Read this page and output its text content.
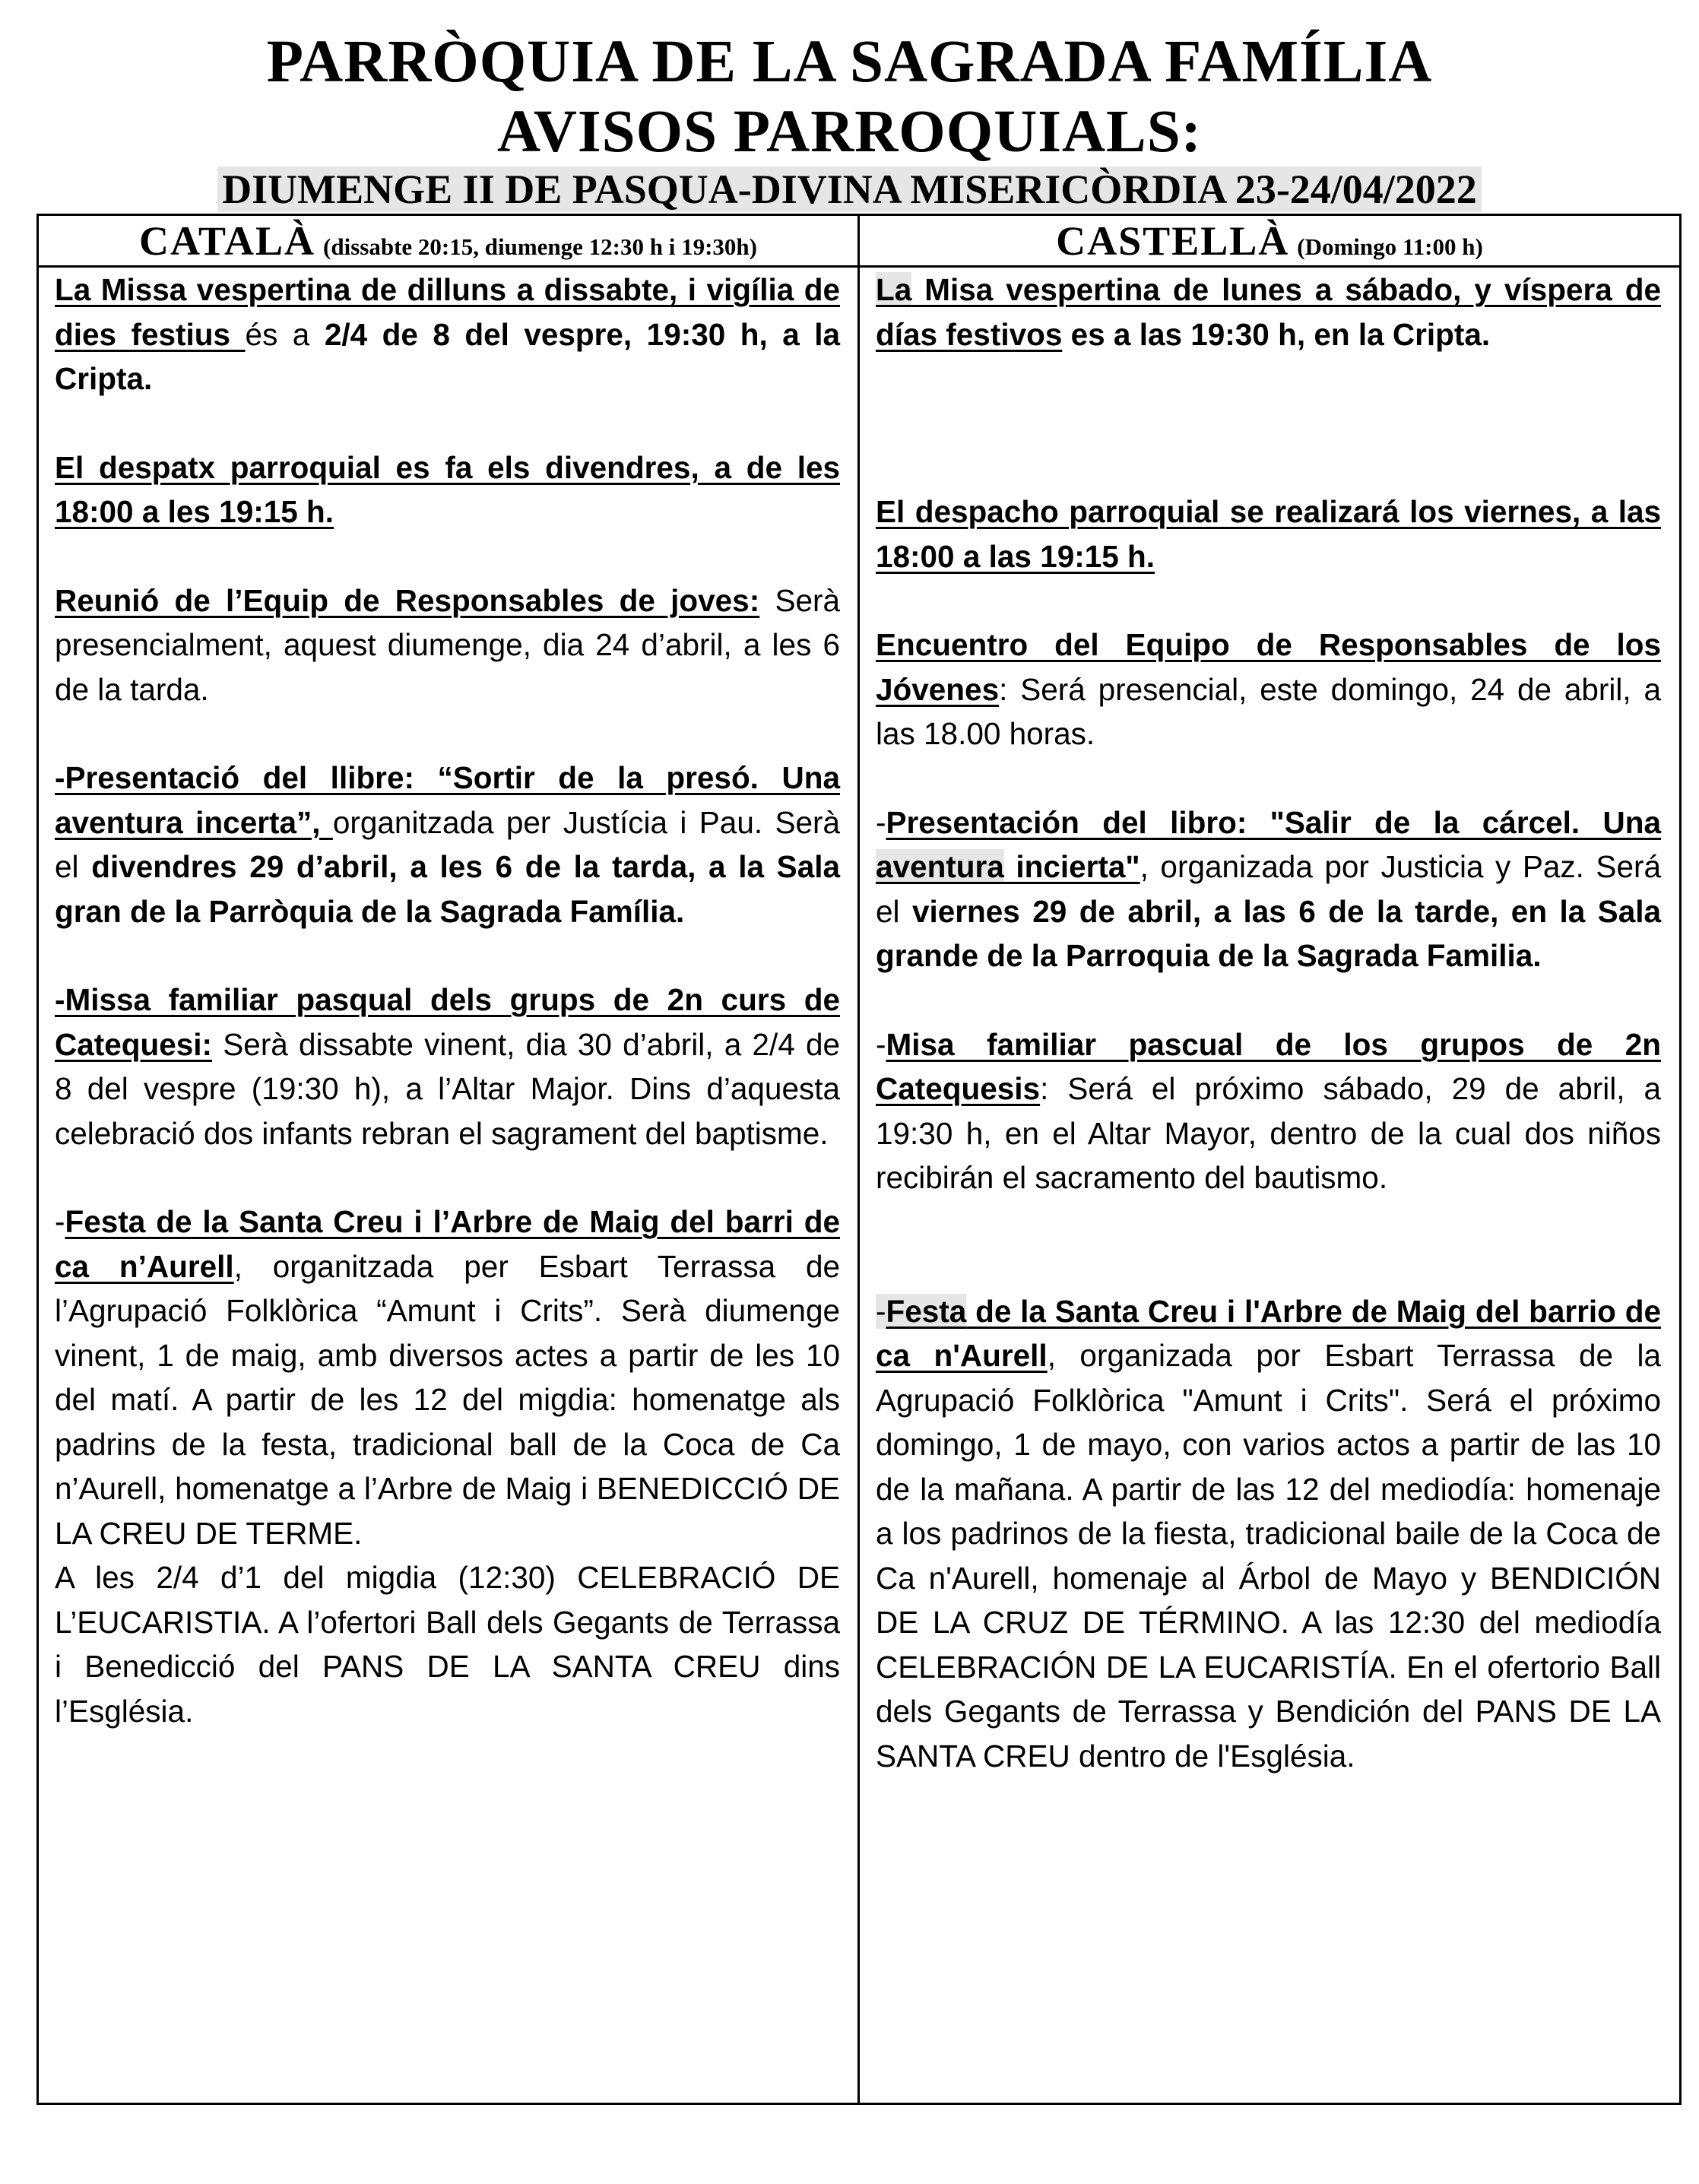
PARRÒQUIA DE LA SAGRADA FAMÍLIA
AVISOS PARROQUIALS:
DIUMENGE II DE PASQUA-DIVINA MISERICÒRDIA 23-24/04/2022
CATALÀ (dissabte 20:15, diumenge 12:30 h i 19:30h)	CASTELLÀ (Domingo 11:00 h)

La Missa vespertina de dilluns a dissabte, i vigília de dies festius és a 2/4 de 8 del vespre, 19:30 h, a la Cripta.

El despatx parroquial es fa els divendres, a de les 18:00 a les 19:15 h.

Reunió de l’Equip de Responsables de joves: Serà presencialment, aquest diumenge, dia 24 d’abril, a les 6 de la tarda.

-Presentació del llibre: “Sortir de la presó. Una aventura incerta”, organitzada per Justícia i Pau. Serà el divendres 29 d’abril, a les 6 de la tarda, a la Sala gran de la Parròquia de la Sagrada Família.

-Missa familiar pasqual dels grups de 2n curs de Catequesi: Serà dissabte vinent, dia 30 d’abril, a 2/4 de 8 del vespre (19:30 h), a l’Altar Major. Dins d’aquesta celebració dos infants rebran el sagrament del baptisme.

-Festa de la Santa Creu i l’Arbre de Maig del barri de ca n’Aurell, organitzada per Esbart Terrassa de l’Agrupació Folklòrica “Amunt i Crits”. Serà diumenge vinent, 1 de maig, amb diversos actes a partir de les 10 del matí. A partir de les 12 del migdia: homenatge als padrins de la festa, tradicional ball de la Coca de Ca n’Aurell, homenatge a l’Arbre de Maig i BENEDICCIÓ DE LA CREU DE TERME.

A les 2/4 d’1 del migdia (12:30) CELEBRACIÓ DE L’EUCARISTIA. A l’ofertori Ball dels Gegants de Terrassa i Benedicció del PANS DE LA SANTA CREU dins l’Església.

La Misa vespertina de lunes a sábado, y víspera de días festivos es a las 19:30 h, en la Cripta.

El despacho parroquial se realizará los viernes, a las 18:00 a las 19:15 h.

Encuentro del Equipo de Responsables de los Jóvenes: Será presencial, este domingo, 24 de abril, a las 18.00 horas.

-Presentación del libro: "Salir de la cárcel. Una aventura incierta", organizada por Justicia y Paz. Será el viernes 29 de abril, a las 6 de la tarde, en la Sala grande de la Parroquia de la Sagrada Familia.

-Misa familiar pascual de los grupos de 2n Catequesis: Será el próximo sábado, 29 de abril, a 19:30 h, en el Altar Mayor, dentro de la cual dos niños recibirán el sacramento del bautismo.

-Festa de la Santa Creu i l'Arbre de Maig del barrio de ca n'Aurell, organizada por Esbart Terrassa de la Agrupació Folklòrica "Amunt i Crits". Será el próximo domingo, 1 de mayo, con varios actos a partir de las 10 de la mañana. A partir de las 12 del mediodía: homenaje a los padrinos de la fiesta, tradicional baile de la Coca de Ca n'Aurell, homenaje al Árbol de Mayo y BENDICIÓN DE LA CRUZ DE TÉRMINO. A las 12:30 del mediodía CELEBRACIÓN DE LA EUCARISTÍA. En el ofertorio Ball dels Gegants de Terrassa y Bendición del PANS DE LA SANTA CREU dentro de l'Església.
